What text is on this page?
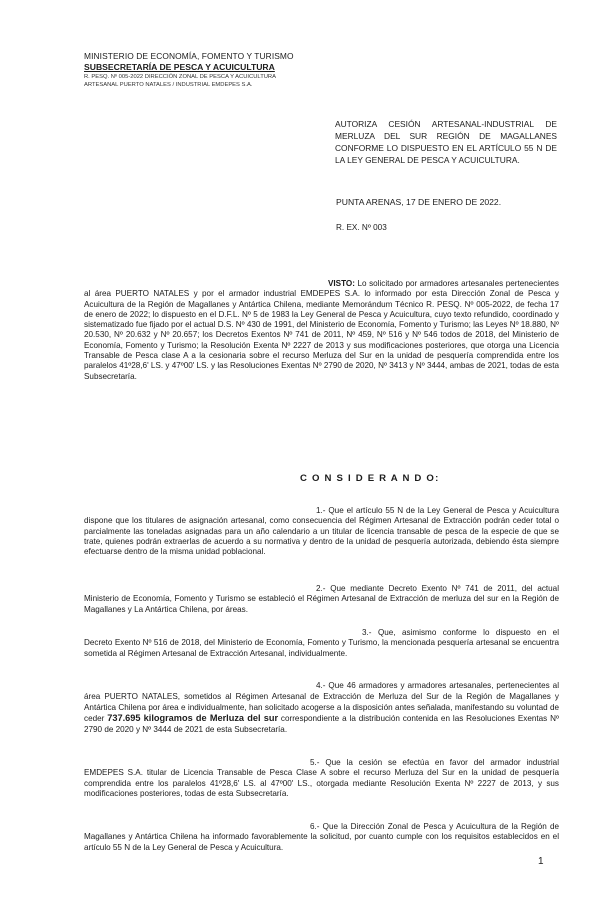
MINISTERIO DE ECONOMÍA, FOMENTO Y TURISMO
SUBSECRETARÍA DE PESCA Y ACUICULTURA
R. PESQ. Nº 005-2022 DIRECCIÓN ZONAL DE PESCA Y ACUICULTURA
ARTESANAL PUERTO NATALES / INDUSTRIAL EMDEPES S.A.
AUTORIZA CESIÓN ARTESANAL-INDUSTRIAL DE MERLUZA DEL SUR REGIÓN DE MAGALLANES CONFORME LO DISPUESTO EN EL ARTÍCULO 55 N DE LA LEY GENERAL DE PESCA Y ACUICULTURA.
PUNTA ARENAS, 17 DE ENERO DE 2022.
R. EX. Nº 003

VISTO: Lo solicitado por armadores artesanales pertenecientes al área PUERTO NATALES y por el armador industrial EMDEPES S.A. lo informado por esta Dirección Zonal de Pesca y Acuicultura de la Región de Magallanes y Antártica Chilena, mediante Memorándum Técnico R. PESQ. Nº 005-2022, de fecha 17 de enero de 2022; lo dispuesto en el D.F.L. Nº 5 de 1983 la Ley General de Pesca y Acuicultura, cuyo texto refundido, coordinado y sistematizado fue fijado por el actual D.S. Nº 430 de 1991, del Ministerio de Economía, Fomento y Turismo; las Leyes Nº 18.880, Nº 20.530, Nº 20.632 y Nº 20.657; los Decretos Exentos Nº 741 de 2011, Nº 459, Nº 516 y Nº 546 todos de 2018, del Ministerio de Economía, Fomento y Turismo; la Resolución Exenta Nº 2227 de 2013 y sus modificaciones posteriores, que otorga una Licencia Transable de Pesca clase A a la cesionaria sobre el recurso Merluza del Sur en la unidad de pesquería comprendida entre los paralelos 41º28,6' LS. y 47º00' LS. y las Resoluciones Exentas Nº 2790 de 2020, Nº 3413 y Nº 3444, ambas de 2021, todas de esta Subsecretaría.

C O N S I D E R A N D O:

1.- Que el artículo 55 N de la Ley General de Pesca y Acuicultura dispone que los titulares de asignación artesanal, como consecuencia del Régimen Artesanal de Extracción podrán ceder total o parcialmente las toneladas asignadas para un año calendario a un titular de licencia transable de pesca de la especie de que se trate, quienes podrán extraerlas de acuerdo a su normativa y dentro de la unidad de pesquería autorizada, debiendo ésta siempre efectuarse dentro de la misma unidad poblacional.

2.- Que mediante Decreto Exento Nº 741 de 2011, del actual Ministerio de Economía, Fomento y Turismo se estableció el Régimen Artesanal de Extracción de merluza del sur en la Región de Magallanes y La Antártica Chilena, por áreas.

3.- Que, asimismo conforme lo dispuesto en el Decreto Exento Nº 516 de 2018, del Ministerio de Economía, Fomento y Turismo, la mencionada pesquería artesanal se encuentra sometida al Régimen Artesanal de Extracción Artesanal, individualmente.

4.- Que 46 armadores y armadores artesanales, pertenecientes al área PUERTO NATALES, sometidos al Régimen Artesanal de Extracción de Merluza del Sur de la Región de Magallanes y Antártica Chilena por área e individualmente, han solicitado acogerse a la disposición antes señalada, manifestando su voluntad de ceder 737.695 kilogramos de Merluza del sur correspondiente a la distribución contenida en las Resoluciones Exentas Nº 2790 de 2020 y Nº 3444 de 2021 de esta Subsecretaría.

5.- Que la cesión se efectúa en favor del armador industrial EMDEPES S.A. titular de Licencia Transable de Pesca Clase A sobre el recurso Merluza del Sur en la unidad de pesquería comprendida entre los paralelos 41º28,6' LS. al 47º00' LS., otorgada mediante Resolución Exenta Nº 2227 de 2013, y sus modificaciones posteriores, todas de esta Subsecretaría.

6.- Que la Dirección Zonal de Pesca y Acuicultura de la Región de Magallanes y Antártica Chilena ha informado favorablemente la solicitud, por cuanto cumple con los requisitos establecidos en el artículo 55 N de la Ley General de Pesca y Acuicultura.

1
